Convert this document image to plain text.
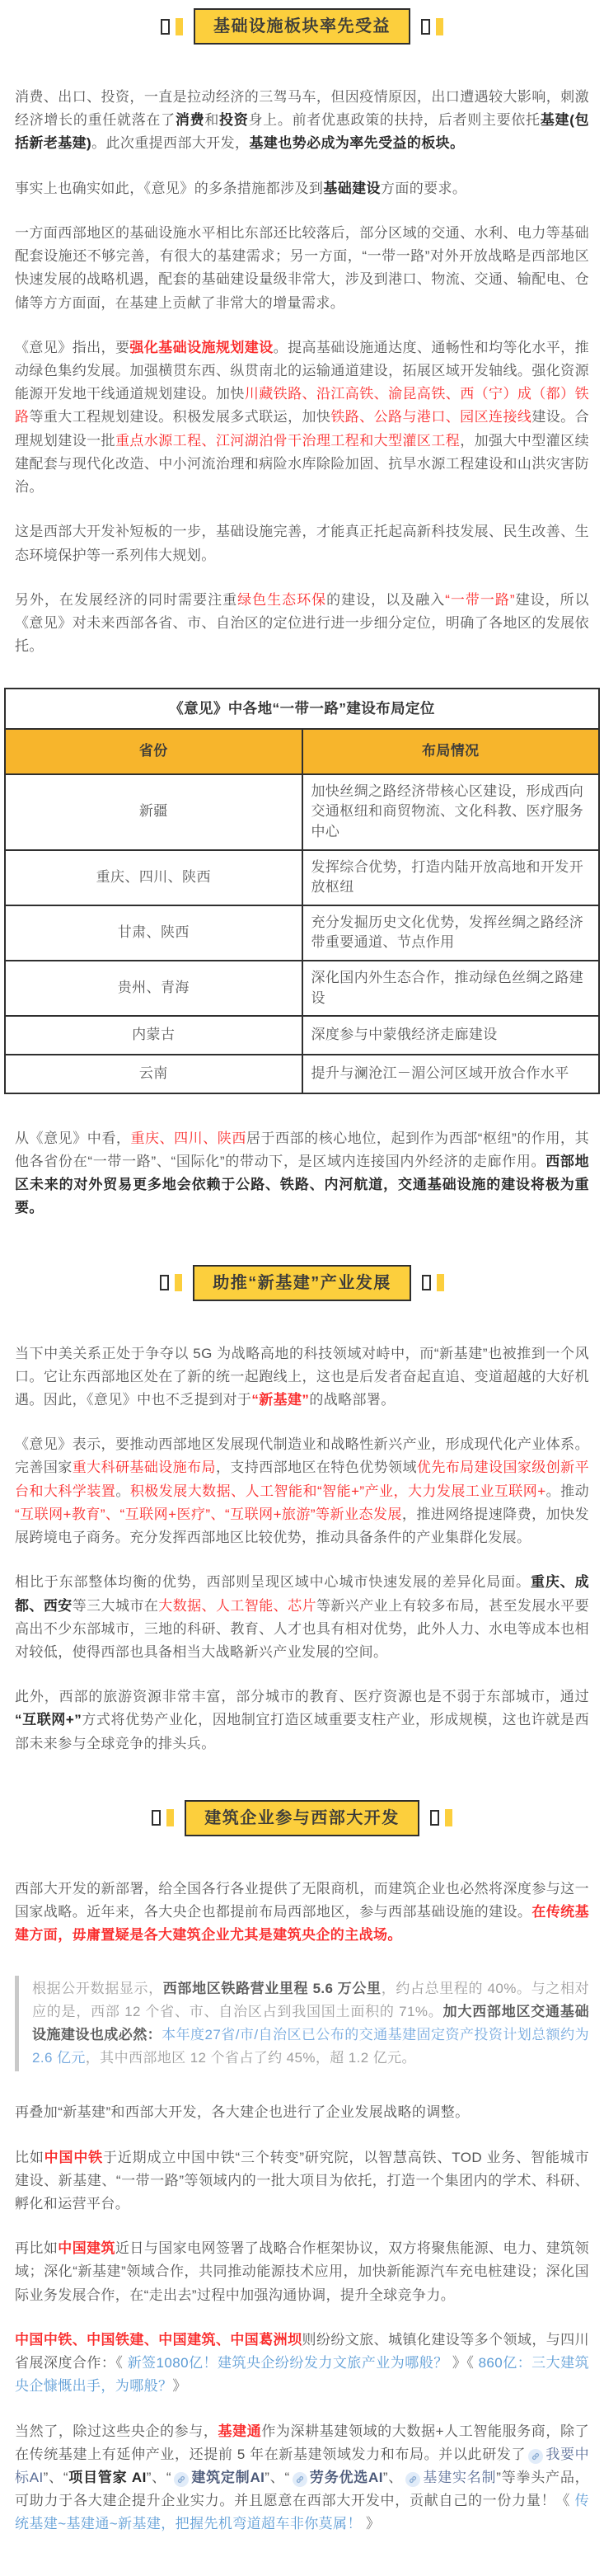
基础设施板块率先受益

消费、出口、投资，一直是拉动经济的三驾马车，但因疫情原因，出口遭遇较大影响，刺激经济增长的重任就落在了消费和投资身上。前者优惠政策的扶持，后者则主要依托基建(包括新老基建)。此次重提西部大开发，基建也势必成为率先受益的板块。

事实上也确实如此，《意见》的多条措施都涉及到基础建设方面的要求。

一方面西部地区的基础设施水平相比东部还比较落后，部分区域的交通、水利、电力等基础配套设施还不够完善，有很大的基建需求；另一方面，“一带一路”对外开放战略是西部地区快速发展的战略机遇，配套的基础建设量级非常大，涉及到港口、物流、交通、输配电、仓储等方方面面，在基建上贡献了非常大的增量需求。

《意见》指出，要强化基础设施规划建设。提高基础设施通达度、通畅性和均等化水平，推动绿色集约发展。加强横贯东西、纵贯南北的运输通道建设，拓展区域开发轴线。强化资源能源开发地干线通道规划建设。加快川藏铁路、沿江高铁、渝昆高铁、西（宁）成（都）铁路等重大工程规划建设。积极发展多式联运，加快铁路、公路与港口、园区连接线建设。合理规划建设一批重点水源工程、江河湖泊骨干治理工程和大型灌区工程，加强大中型灌区续建配套与现代化改造、中小河流治理和病险水库除险加固、抗旱水源工程建设和山洪灾害防治。

这是西部大开发补短板的一步，基础设施完善，才能真正托起高新科技发展、民生改善、生态环境保护等一系列伟大规划。

另外，在发展经济的同时需要注重绿色生态环保的建设，以及融入“一带一路”建设，所以《意见》对未来西部各省、市、自治区的定位进行进一步细分定位，明确了各地区的发展依托。

《意见》中各地“一带一路”建设布局定位	
省份	布局情况
新疆	加快丝绸之路经济带核心区建设，形成西向交通枢纽和商贸物流、文化科教、医疗服务中心
重庆、四川、陕西	发挥综合优势，打造内陆开放高地和开发开放枢纽
甘肃、陕西	充分发掘历史文化优势，发挥丝绸之路经济带重要通道、节点作用
贵州、青海	深化国内外生态合作，推动绿色丝绸之路建设
内蒙古	深度参与中蒙俄经济走廊建设
云南	提升与澜沧江－湄公河区域开放合作水平

从《意见》中看，重庆、四川、陕西居于西部的核心地位，起到作为西部“枢纽”的作用，其他各省份在“一带一路”、“国际化”的带动下，是区域内连接国内外经济的走廊作用。西部地区未来的对外贸易更多地会依赖于公路、铁路、内河航道，交通基础设施的建设将极为重要。

助推“新基建”产业发展

当下中美关系正处于争夺以 5G 为战略高地的科技领域对峙中，而“新基建”也被推到一个风口。它让东西部地区处在了新的统一起跑线上，这也是后发者奋起直追、变道超越的大好机遇。因此，《意见》中也不乏提到对于“新基建”的战略部署。

《意见》表示，要推动西部地区发展现代制造业和战略性新兴产业，形成现代化产业体系。完善国家重大科研基础设施布局，支持西部地区在特色优势领域优先布局建设国家级创新平台和大科学装置。积极发展大数据、人工智能和“智能+”产业，大力发展工业互联网+。推动“互联网+教育”、“互联网+医疗”、“互联网+旅游”等新业态发展，推进网络提速降费，加快发展跨境电子商务。充分发挥西部地区比较优势，推动具备条件的产业集群化发展。

相比于东部整体均衡的优势，西部则呈现区域中心城市快速发展的差异化局面。重庆、成都、西安等三大城市在大数据、人工智能、芯片等新兴产业上有较多布局，甚至发展水平要高出不少东部城市，三地的科研、教育、人才也具有相对优势，此外人力、水电等成本也相对较低，使得西部也具备相当大战略新兴产业发展的空间。

此外，西部的旅游资源非常丰富，部分城市的教育、医疗资源也是不弱于东部城市，通过“互联网+”方式将优势产业化，因地制宜打造区域重要支柱产业，形成规模，这也许就是西部未来参与全球竞争的排头兵。

建筑企业参与西部大开发

西部大开发的新部署，给全国各行各业提供了无限商机，而建筑企业也必然将深度参与这一国家战略。近年来，各大央企也都提前布局西部地区，参与西部基础设施的建设。在传统基建方面，毋庸置疑是各大建筑企业尤其是建筑央企的主战场。

根据公开数据显示，西部地区铁路营业里程 5.6 万公里，约占总里程的 40%。与之相对应的是，西部 12 个省、市、自治区占到我国国土面积的 71%。加大西部地区交通基础设施建设也成必然：本年度27省/市/自治区已公布的交通基建固定资产投资计划总额约为 2.6 亿元，其中西部地区 12 个省占了约 45%，超 1.2 亿元。

再叠加“新基建”和西部大开发，各大建企也进行了企业发展战略的调整。

比如中国中铁于近期成立中国中铁“三个转变”研究院，以智慧高铁、TOD 业务、智能城市建设、新基建、“一带一路”等领域内的一批大项目为依托，打造一个集团内的学术、科研、孵化和运营平台。

再比如中国建筑近日与国家电网签署了战略合作框架协议，双方将聚焦能源、电力、建筑领域；深化“新基建”领域合作，共同推动能源技术应用，加快新能源汽车充电桩建设；深化国际业务发展合作，在“走出去”过程中加强沟通协调，提升全球竞争力。

中国中铁、中国铁建、中国建筑、中国葛洲坝则纷纷文旅、城镇化建设等多个领域，与四川省展深度合作：《 新签1080亿！建筑央企纷纷发力文旅产业为哪般？ 》《 860亿：三大建筑央企慷慨出手，为哪般？》

当然了，除过这些央企的参与，基建通作为深耕基建领域的大数据+人工智能服务商，除了在传统基建上有延伸产业，还提前 5 年在新基建领域发力和布局。并以此研发了 我要中标AI”、“项目管家 AI”、“ 建筑定制AI”、“ 劳务优选AI”、 基建实名制”等拳头产品，可助力于各大建企提升企业实力。并且愿意在西部大开发中，贡献自己的一份力量！《 传统基建~基建通~新基建，把握先机弯道超车非你莫属！ 》
